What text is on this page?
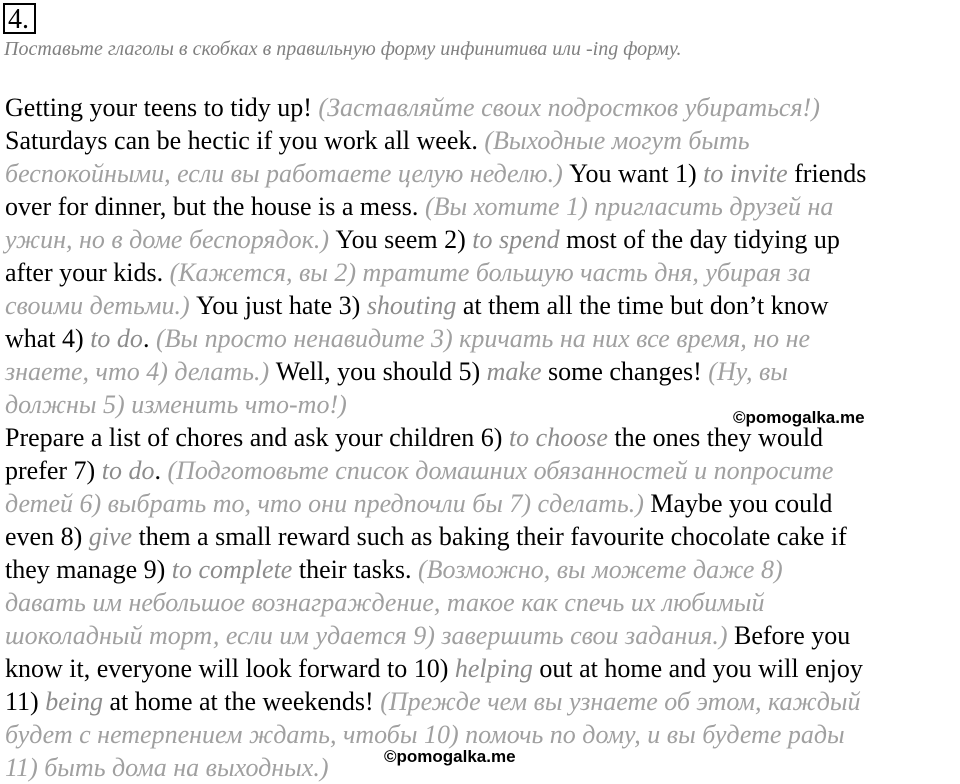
4.
Поставьте глаголы в скобках в правильную форму инфинитива или -ing форму.
Getting your teens to tidy up! (Заставляйте своих подростков убираться!)
Saturdays can be hectic if you work all week. (Выходные могут быть
беспокойными, если вы работаете целую неделю.) You want 1) to invite friends
over for dinner, but the house is a mess. (Вы хотите 1) пригласить друзей на
ужин, но в доме беспорядок.) You seem 2) to spend most of the day tidying up
after your kids. (Кажется, вы 2) тратите большую часть дня, убирая за
своими детьми.) You just hate 3) shouting at them all the time but don’t know
what 4) to do. (Вы просто ненавидите 3) кричать на них все время, но не
знаете, что 4) делать.) Well, you should 5) make some changes! (Ну, вы
должны 5) изменить что-то!)
Prepare a list of chores and ask your children 6) to choose the ones they would
prefer 7) to do. (Подготовьте список домашних обязанностей и попросите
детей 6) выбрать то, что они предпочли бы 7) сделать.) Maybe you could
even 8) give them a small reward such as baking their favourite chocolate cake if
they manage 9) to complete their tasks. (Возможно, вы можете даже 8)
давать им небольшое вознаграждение, такое как спечь их любимый
шоколадный торт, если им удается 9) завершить свои задания.) Before you
know it, everyone will look forward to 10) helping out at home and you will enjoy
11) being at home at the weekends! (Прежде чем вы узнаете об этом, каждый
будет с нетерпением ждать, чтобы 10) помочь по дому, и вы будете рады
11) быть дома на выходных.)
©pomogalka.me
©pomogalka.me
